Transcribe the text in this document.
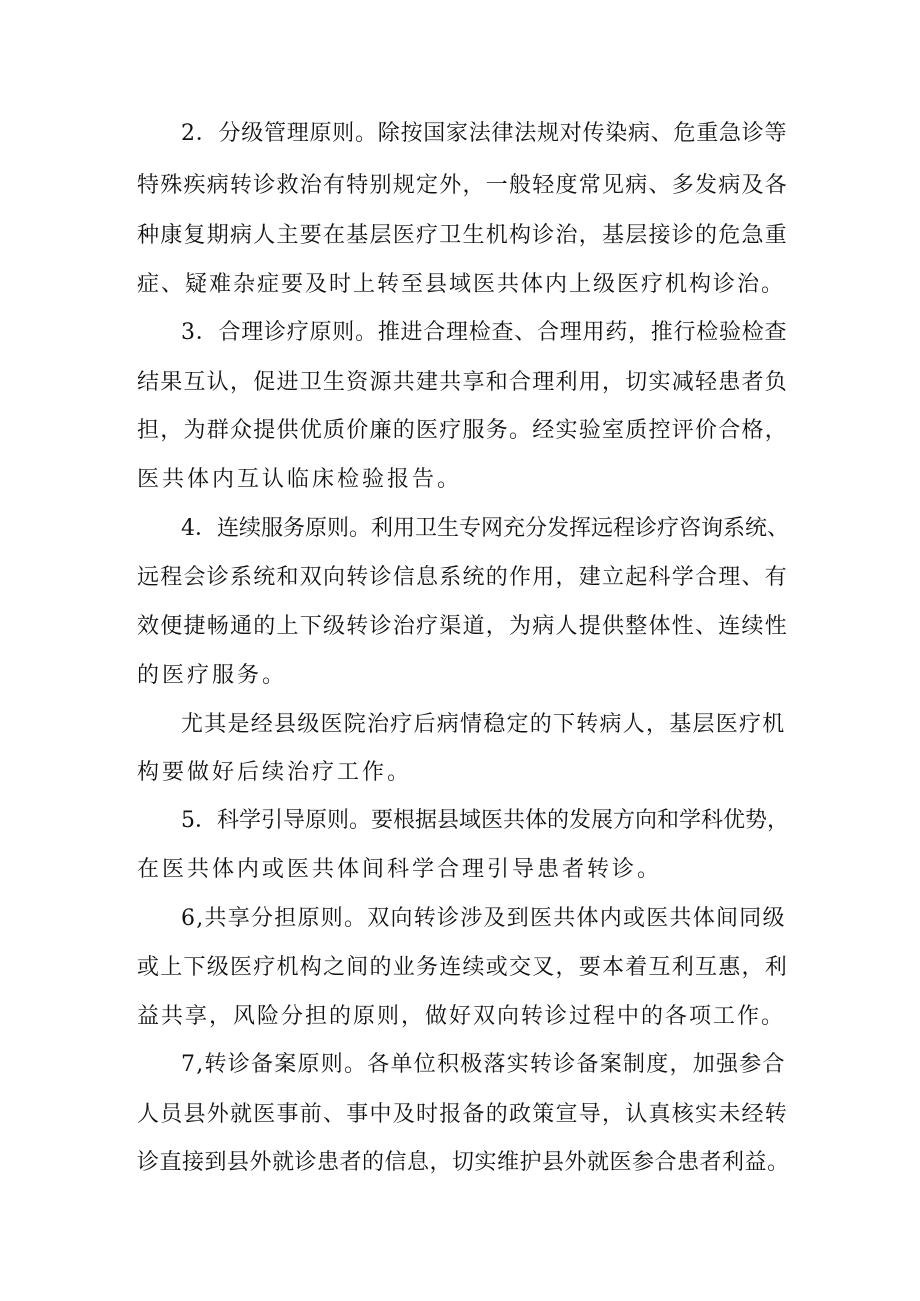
2．分级管理原则。除按国家法律法规对传染病、危重急诊等
特殊疾病转诊救治有特别规定外，一般轻度常见病、多发病及各
种康复期病人主要在基层医疗卫生机构诊治，基层接诊的危急重
症、疑难杂症要及时上转至县域医共体内上级医疗机构诊治。
3．合理诊疗原则。推进合理检查、合理用药，推行检验检查
结果互认，促进卫生资源共建共享和合理利用，切实减轻患者负
担，为群众提供优质价廉的医疗服务。经实验室质控评价合格，
医共体内互认临床检验报告。
4．连续服务原则。利用卫生专网充分发挥远程诊疗咨询系统、
远程会诊系统和双向转诊信息系统的作用，建立起科学合理、有
效便捷畅通的上下级转诊治疗渠道，为病人提供整体性、连续性
的医疗服务。
尤其是经县级医院治疗后病情稳定的下转病人，基层医疗机
构要做好后续治疗工作。
5．科学引导原则。要根据县域医共体的发展方向和学科优势，
在医共体内或医共体间科学合理引导患者转诊。
6,共享分担原则。双向转诊涉及到医共体内或医共体间同级
或上下级医疗机构之间的业务连续或交叉，要本着互利互惠，利
益共享，风险分担的原则，做好双向转诊过程中的各项工作。
7,转诊备案原则。各单位积极落实转诊备案制度，加强参合
人员县外就医事前、事中及时报备的政策宣导，认真核实未经转
诊直接到县外就诊患者的信息，切实维护县外就医参合患者利益。
